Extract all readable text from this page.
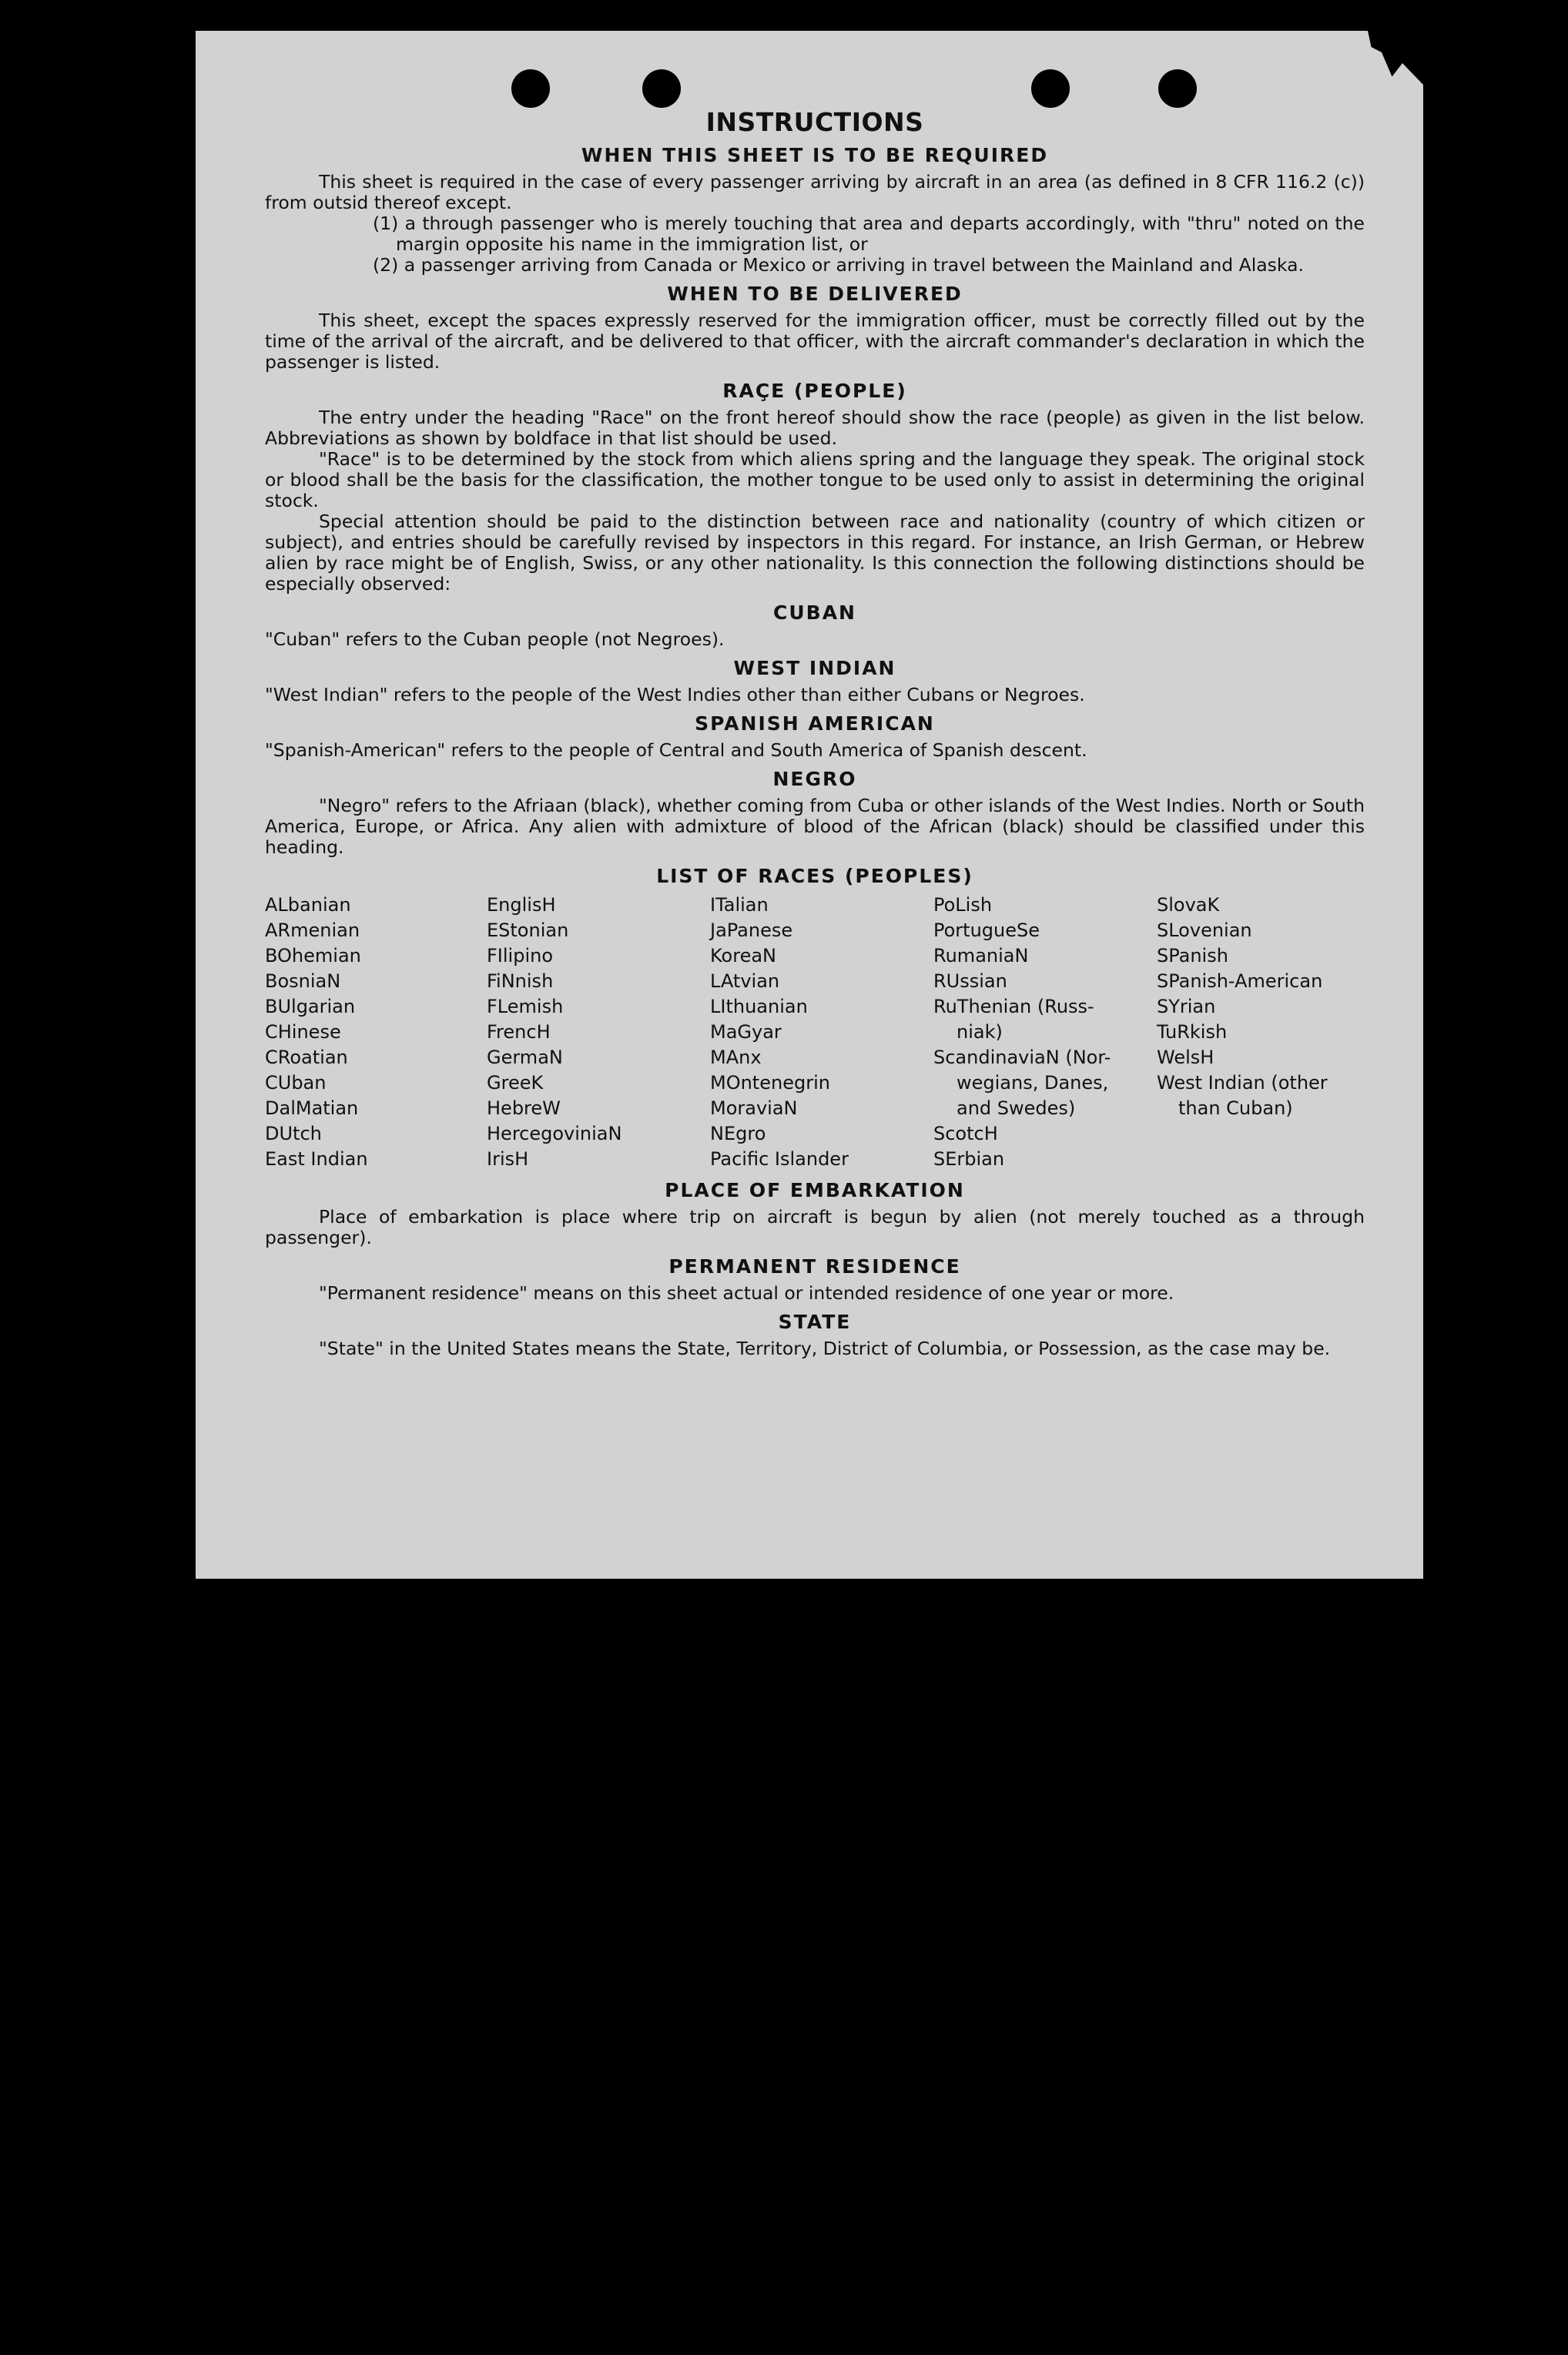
INSTRUCTIONS
WHEN THIS SHEET IS TO BE REQUIRED

This sheet is required in the case of every passenger arriving by aircraft in an area (as defined in 8 CFR 116.2 (c)) from outsid thereof except.

(1) a through passenger who is merely touching that area and departs accordingly, with "thru" noted on the margin opposite his name in the immigration list, or

(2) a passenger arriving from Canada or Mexico or arriving in travel between the Mainland and Alaska.

WHEN TO BE DELIVERED

This sheet, except the spaces expressly reserved for the immigration officer, must be correctly filled out by the time of the arrival of the aircraft, and be delivered to that officer, with the aircraft commander's declaration in which the passenger is listed.

RAÇE (PEOPLE)

The entry under the heading "Race" on the front hereof should show the race (people) as given in the list below. Abbreviations as shown by boldface in that list should be used.

"Race" is to be determined by the stock from which aliens spring and the language they speak. The original stock or blood shall be the basis for the classification, the mother tongue to be used only to assist in determining the original stock.

Special attention should be paid to the distinction between race and nationality (country of which citizen or subject), and entries should be carefully revised by inspectors in this regard. For instance, an Irish German, or Hebrew alien by race might be of English, Swiss, or any other nationality. Is this connection the following distinctions should be especially observed:

CUBAN

"Cuban" refers to the Cuban people (not Negroes).

WEST INDIAN

"West Indian" refers to the people of the West Indies other than either Cubans or Negroes.

SPANISH AMERICAN

"Spanish-American" refers to the people of Central and South America of Spanish descent.

NEGRO

"Negro" refers to the Afriaan (black), whether coming from Cuba or other islands of the West Indies. North or South America, Europe, or Africa. Any alien with admixture of blood of the African (black) should be classified under this heading.

LIST OF RACES (PEOPLES)
ALbanian
ARmenian
BOhemian
BosniaN
BUlgarian
CHinese
CRoatian
CUban
DalMatian
DUtch
East Indian
EnglisH
EStonian
FIlipino
FiNnish
FLemish
FrencH
GermaN
GreeK
HebreW
HercegoviniaN
IrisH
ITalian
JaPanese
KoreaN
LAtvian
LIthuanian
MaGyar
MAnx
MOntenegrin
MoraviaN
NEgro
Pacific Islander
PoLish
PortugueSe
RumaniaN
RUssian
RuThenian (Russ-
niak)
ScandinaviaN (Nor-
wegians, Danes,
and Swedes)
ScotcH
SErbian
SlovaK
SLovenian
SPanish
SPanish-American
SYrian
TuRkish
WelsH
West Indian (other
than Cuban)
PLACE OF EMBARKATION

Place of embarkation is place where trip on aircraft is begun by alien (not merely touched as a through passenger).

PERMANENT RESIDENCE

"Permanent residence" means on this sheet actual or intended residence of one year or more.

STATE

"State" in the United States means the State, Territory, District of Columbia, or Possession, as the case may be.
